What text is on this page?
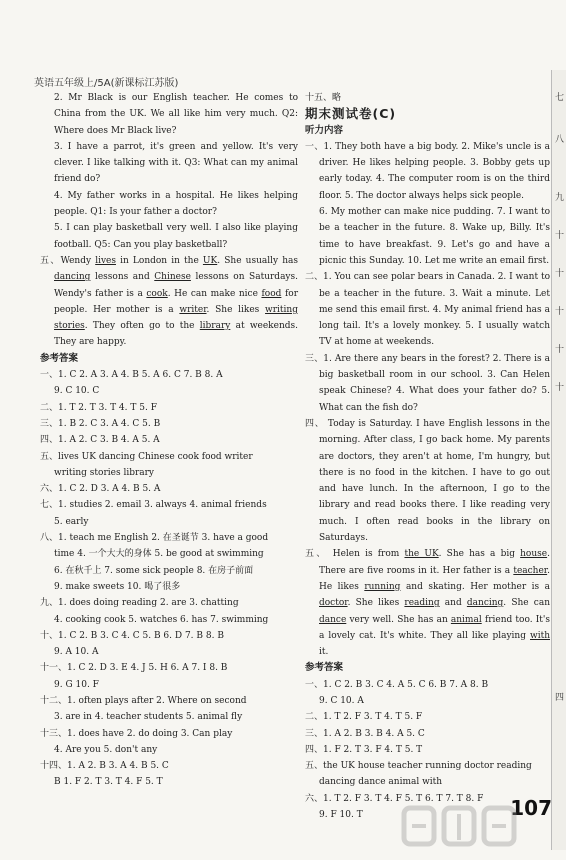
英语五年级上/5A(新课标江苏版)

2. Mr Black is our English teacher. He comes to China from the UK. We all like him very much. Q2: Where does Mr Black live?

3. I have a parrot, it's green and yellow. It's very clever. I like talking with it. Q3: What can my animal friend do?

4. My father works in a hospital. He likes helping people. Q1: Is your father a doctor?

5. I can play basketball very well. I also like playing football. Q5: Can you play basketball?

五、Wendy lives in London in the UK. She usually has dancing lessons and Chinese lessons on Saturdays. Wendy's father is a cook. He can make nice food for people. Her mother is a writer. She likes writing stories. They often go to the library at weekends. They are happy.

参考答案

一、1. C 2. A 3. A 4. B 5. A 6. C 7. B 8. A

9. C 10. C

二、1. T 2. T 3. T 4. T 5. F

三、1. B 2. C 3. A 4. C 5. B

四、1. A 2. C 3. B 4. A 5. A

五、lives UK dancing Chinese cook food writer

writing stories library

六、1. C 2. D 3. A 4. B 5. A

七、1. studies 2. email 3. always 4. animal friends

5. early

八、1. teach me English 2. 在圣诞节 3. have a good

time 4. 一个大大的身体 5. be good at swimming

6. 在秋千上 7. some sick people 8. 在房子前面

9. make sweets 10. 喝了很多

九、1. does doing reading 2. are 3. chatting

4. cooking cook 5. watches 6. has 7. swimming

十、1. C 2. B 3. C 4. C 5. B 6. D 7. B 8. B

9. A 10. A

十一、1. C 2. D 3. E 4. J 5. H 6. A 7. I 8. B

9. G 10. F

十二、1. often plays after 2. Where on second

3. are in 4. teacher students 5. animal fly

十三、1. does have 2. do doing 3. Can play

4. Are you 5. don't any

十四、1. A 2. B 3. A 4. B 5. C

B 1. F 2. T 3. T 4. F 5. T

十五、略

期末测试卷(C)

听力内容

一、1. They both have a big body. 2. Mike's uncle is a driver. He likes helping people. 3. Bobby gets up early today. 4. The computer room is on the third floor. 5. The doctor always helps sick people.

6. My mother can make nice pudding. 7. I want to be a teacher in the future. 8. Wake up, Billy. It's time to have breakfast. 9. Let's go and have a picnic this Sunday. 10. Let me write an email first.

二、1. You can see polar bears in Canada. 2. I want to be a teacher in the future. 3. Wait a minute. Let me send this email first. 4. My animal friend has a long tail. It's a lovely monkey. 5. I usually watch TV at home at weekends.

三、1. Are there any bears in the forest? 2. There is a big basketball room in our school. 3. Can Helen speak Chinese? 4. What does your father do? 5. What can the fish do?

四、 Today is Saturday. I have English lessons in the morning. After class, I go back home. My parents are doctors, they aren't at home, I'm hungry, but there is no food in the kitchen. I have to go out and have lunch. In the afternoon, I go to the library and read books there. I like reading very much. I often read books in the library on Saturdays.

五、 Helen is from the UK. She has a big house. There are five rooms in it. Her father is a teacher. He likes running and skating. Her mother is a doctor. She likes reading and dancing. She can dance very well. She has an animal friend too. It's a lovely cat. It's white. They all like playing with it.

参考答案

一、1. C 2. B 3. C 4. A 5. C 6. B 7. A 8. B

9. C 10. A

二、1. T 2. F 3. T 4. T 5. F

三、1. A 2. B 3. B 4. A 5. C

四、1. F 2. T 3. F 4. T 5. T

五、the UK house teacher running doctor reading

dancing dance animal with

六、1. T 2. F 3. T 4. F 5. T 6. T 7. T 8. F

9. F 10. T

七
八
九
十
十
十
十
十
四
107
